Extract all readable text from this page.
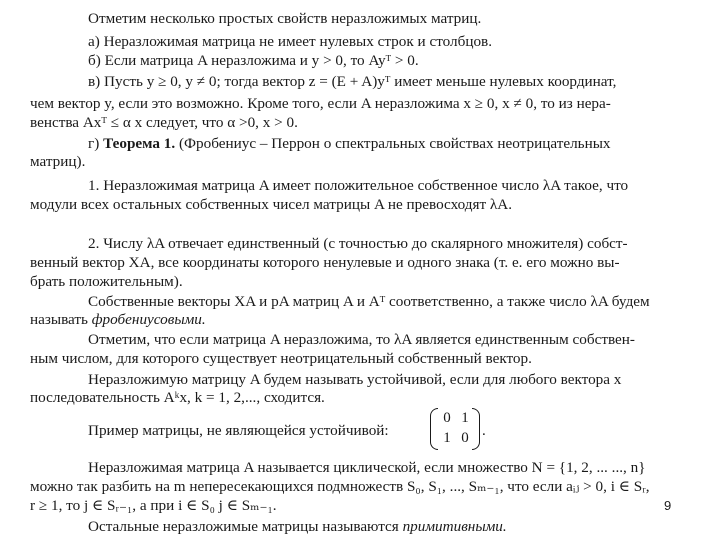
0 1
1 0 .
9
Отметим несколько простых свойств неразложимых матриц.
а) Неразложимая матрица не имеет нулевых строк и столбцов.
б) Если матрица A неразложима и y > 0, то Ayᵀ > 0.
в) Пусть y ≥ 0, y ≠ 0; тогда вектор z = (E + A)yᵀ имеет меньше нулевых координат,
чем вектор y, если это возможно. Кроме того, если A неразложима x ≥ 0, x ≠ 0, то из нера-
венства Axᵀ ≤ α x следует, что α >0, x > 0.
г) Теорема 1. (Фробениус – Перрон о спектральных свойствах неотрицательных
матриц).
1. Неразложимая матрица A имеет положительное собственное число λA такое, что
модули всех остальных собственных чисел матрицы A не превосходят λA.
2. Числу λA отвечает единственный (с точностью до скалярного множителя) собст-
венный вектор XA, все координаты которого ненулевые и одного знака (т. е. его можно вы-
брать положительным).
Собственные векторы XA и pA матриц A и Aᵀ соответственно, а также число λA будем
называть фробениусовыми.
Отметим, что если матрица A неразложима, то λA является единственным собствен-
ным числом, для которого существует неотрицательный собственный вектор.
Неразложимую матрицу A будем называть устойчивой, если для любого вектора x
последовательность Aᵏx, k = 1, 2,..., сходится.
Пример матрицы, не являющейся устойчивой:
Неразложимая матрица A называется циклической, если множество N = {1, 2, ... ..., n}
можно так разбить на m непересекающихся подмножеств S₀, S₁, ..., Sₘ₋₁, что если aᵢⱼ > 0, i ∈ Sᵣ,
r ≥ 1, то j ∈ Sᵣ₋₁, а при i ∈ S₀ j ∈ Sₘ₋₁.
Остальные неразложимые матрицы называются примитивными.
